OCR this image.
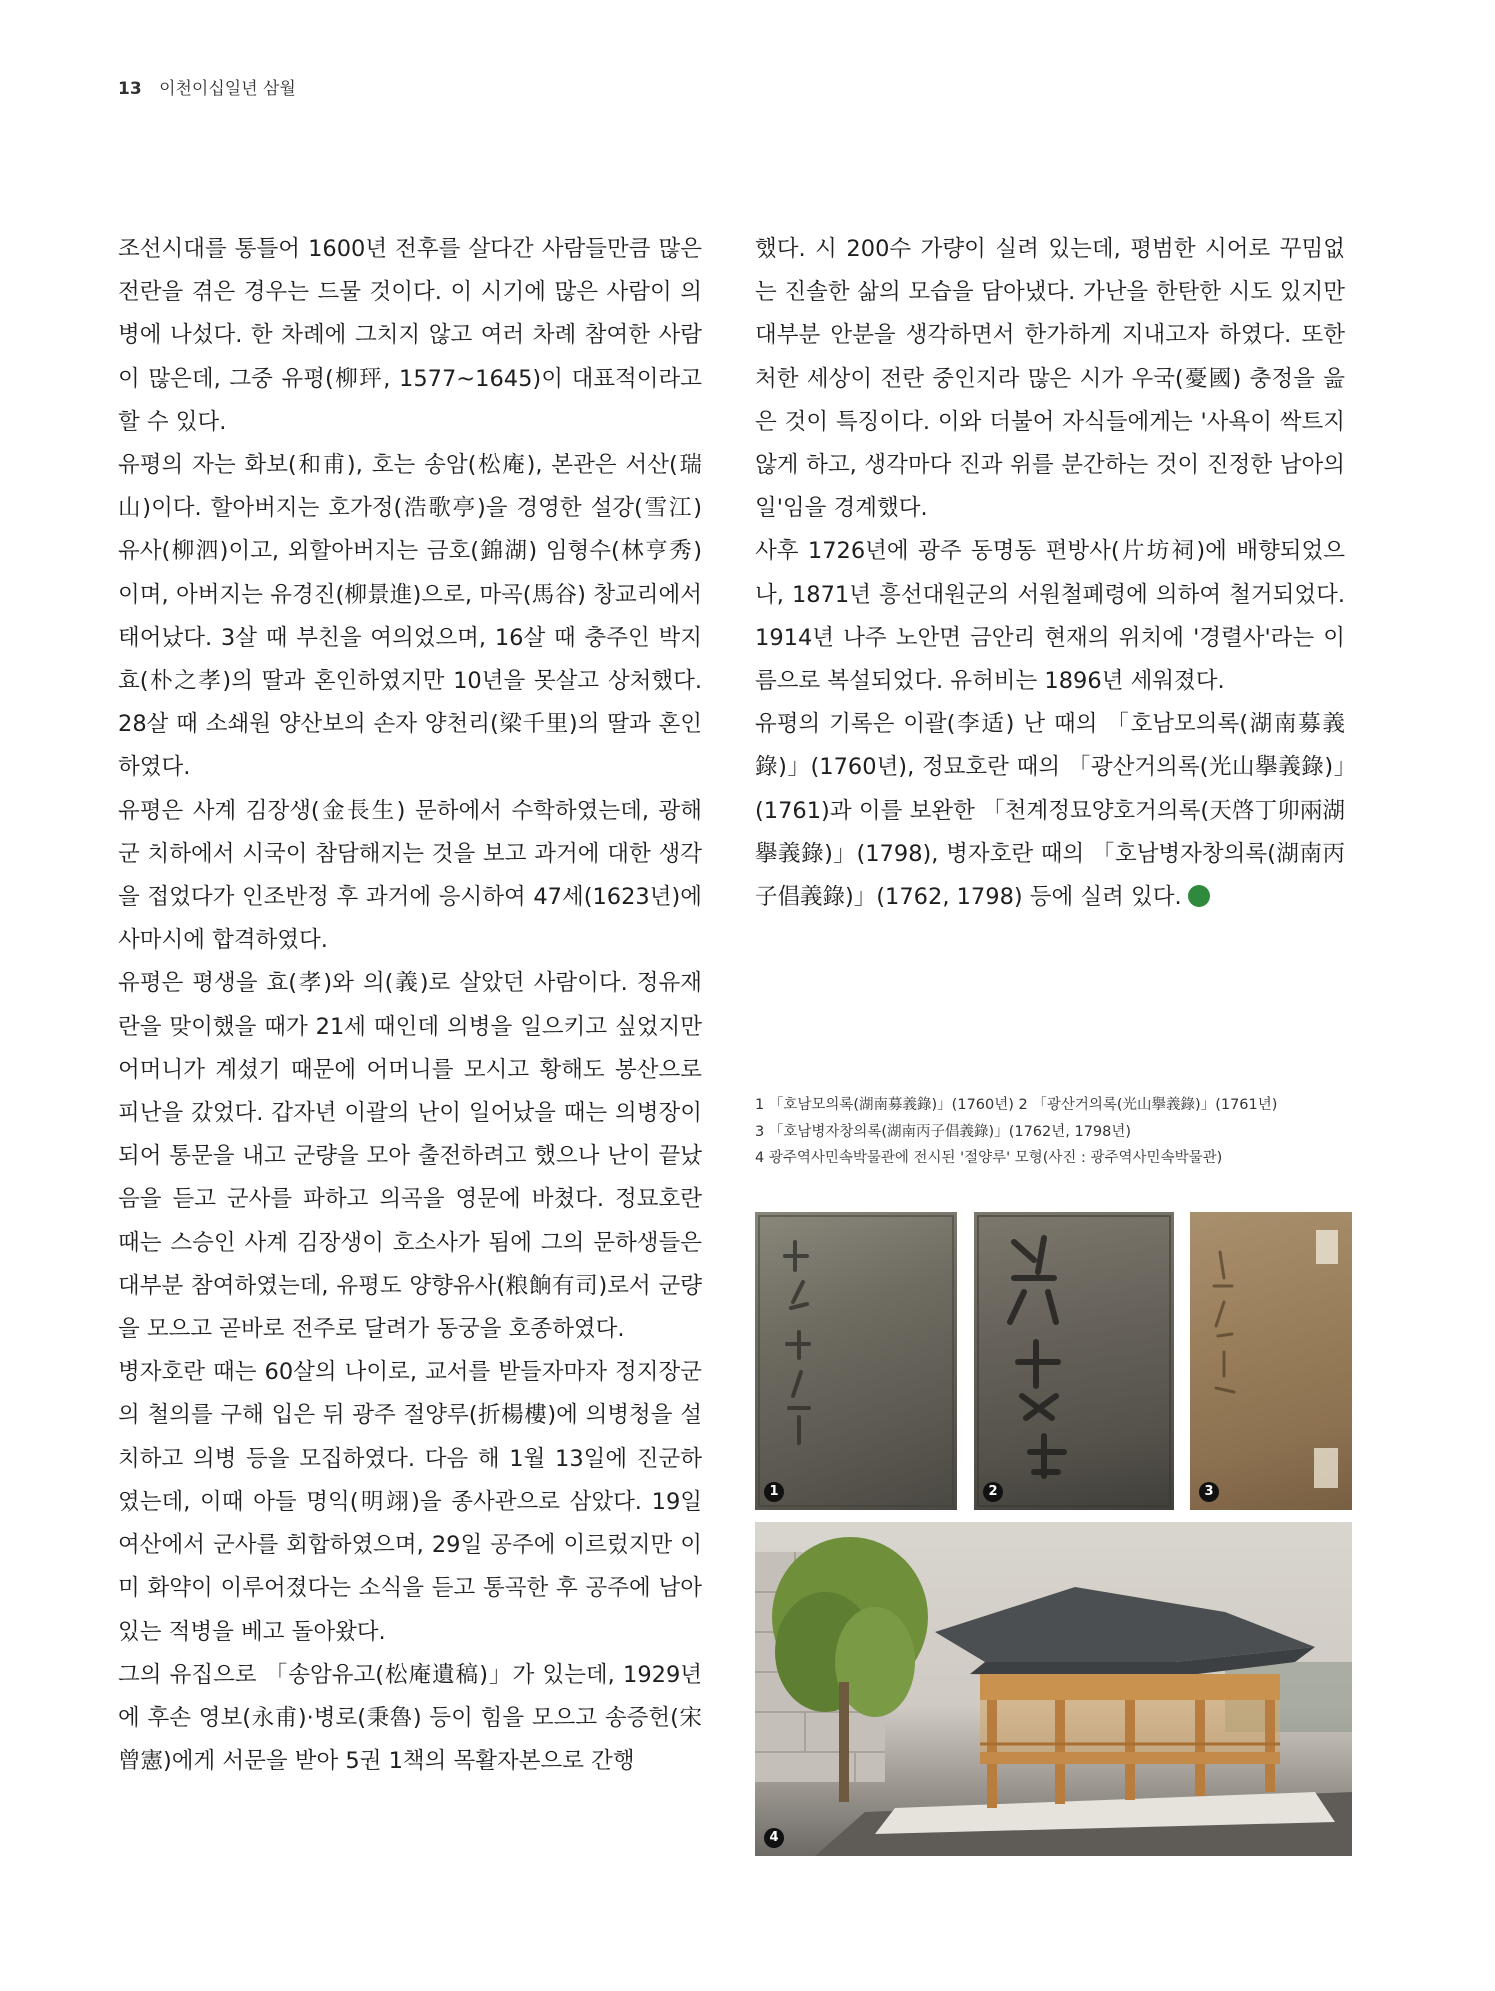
13 이천이십일년 삼월

조선시대를 통틀어 1600년 전후를 살다간 사람들만큼 많은 전란을 겪은 경우는 드물 것이다. 이 시기에 많은 사람이 의병에 나섰다. 한 차례에 그치지 않고 여러 차례 참여한 사람이 많은데, 그중 유평(柳玶, 1577~1645)이 대표적이라고 할 수 있다.

유평의 자는 화보(和甫), 호는 송암(松庵), 본관은 서산(瑞山)이다. 할아버지는 호가정(浩歌亭)을 경영한 설강(雪江) 유사(柳泗)이고, 외할아버지는 금호(錦湖) 임형수(林亨秀)이며, 아버지는 유경진(柳景進)으로, 마곡(馬谷) 창교리에서 태어났다. 3살 때 부친을 여의었으며, 16살 때 충주인 박지효(朴之孝)의 딸과 혼인하였지만 10년을 못살고 상처했다. 28살 때 소쇄원 양산보의 손자 양천리(梁千里)의 딸과 혼인하였다.

유평은 사계 김장생(金長生) 문하에서 수학하였는데, 광해군 치하에서 시국이 참담해지는 것을 보고 과거에 대한 생각을 접었다가 인조반정 후 과거에 응시하여 47세(1623년)에 사마시에 합격하였다.

유평은 평생을 효(孝)와 의(義)로 살았던 사람이다. 정유재란을 맞이했을 때가 21세 때인데 의병을 일으키고 싶었지만 어머니가 계셨기 때문에 어머니를 모시고 황해도 봉산으로 피난을 갔었다. 갑자년 이괄의 난이 일어났을 때는 의병장이 되어 통문을 내고 군량을 모아 출전하려고 했으나 난이 끝났음을 듣고 군사를 파하고 의곡을 영문에 바쳤다. 정묘호란 때는 스승인 사계 김장생이 호소사가 됨에 그의 문하생들은 대부분 참여하였는데, 유평도 양향유사(粮餉有司)로서 군량을 모으고 곧바로 전주로 달려가 동궁을 호종하였다.

병자호란 때는 60살의 나이로, 교서를 받들자마자 정지장군의 철의를 구해 입은 뒤 광주 절양루(折楊樓)에 의병청을 설치하고 의병 등을 모집하였다. 다음 해 1월 13일에 진군하였는데, 이때 아들 명익(明翊)을 종사관으로 삼았다. 19일 여산에서 군사를 회합하였으며, 29일 공주에 이르렀지만 이미 화약이 이루어졌다는 소식을 듣고 통곡한 후 공주에 남아있는 적병을 베고 돌아왔다.

그의 유집으로 「송암유고(松庵遺稿)」가 있는데, 1929년에 후손 영보(永甫)·병로(秉魯) 등이 힘을 모으고 송증헌(宋曾憲)에게 서문을 받아 5권 1책의 목활자본으로 간행

했다. 시 200수 가량이 실려 있는데, 평범한 시어로 꾸밈없는 진솔한 삶의 모습을 담아냈다. 가난을 한탄한 시도 있지만 대부분 안분을 생각하면서 한가하게 지내고자 하였다. 또한 처한 세상이 전란 중인지라 많은 시가 우국(憂國) 충정을 읊은 것이 특징이다. 이와 더불어 자식들에게는 '사욕이 싹트지 않게 하고, 생각마다 진과 위를 분간하는 것이 진정한 남아의 일'임을 경계했다.

사후 1726년에 광주 동명동 편방사(片坊祠)에 배향되었으나, 1871년 흥선대원군의 서원철폐령에 의하여 철거되었다. 1914년 나주 노안면 금안리 현재의 위치에 '경렬사'라는 이름으로 복설되었다. 유허비는 1896년 세워졌다.

유평의 기록은 이괄(李适) 난 때의 「호남모의록(湖南募義錄)」(1760년), 정묘호란 때의 「광산거의록(光山擧義錄)」(1761)과 이를 보완한 「천계정묘양호거의록(天啓丁卯兩湖擧義錄)」(1798), 병자호란 때의 「호남병자창의록(湖南丙子倡義錄)」(1762, 1798) 등에 실려 있다.

1 「호남모의록(湖南募義錄)」(1760년) 2 「광산거의록(光山擧義錄)」(1761년)
3 「호남병자창의록(湖南丙子倡義錄)」(1762년, 1798년)
4 광주역사민속박물관에 전시된 '절양루' 모형(사진 : 광주역사민속박물관)
1	2	3
4
